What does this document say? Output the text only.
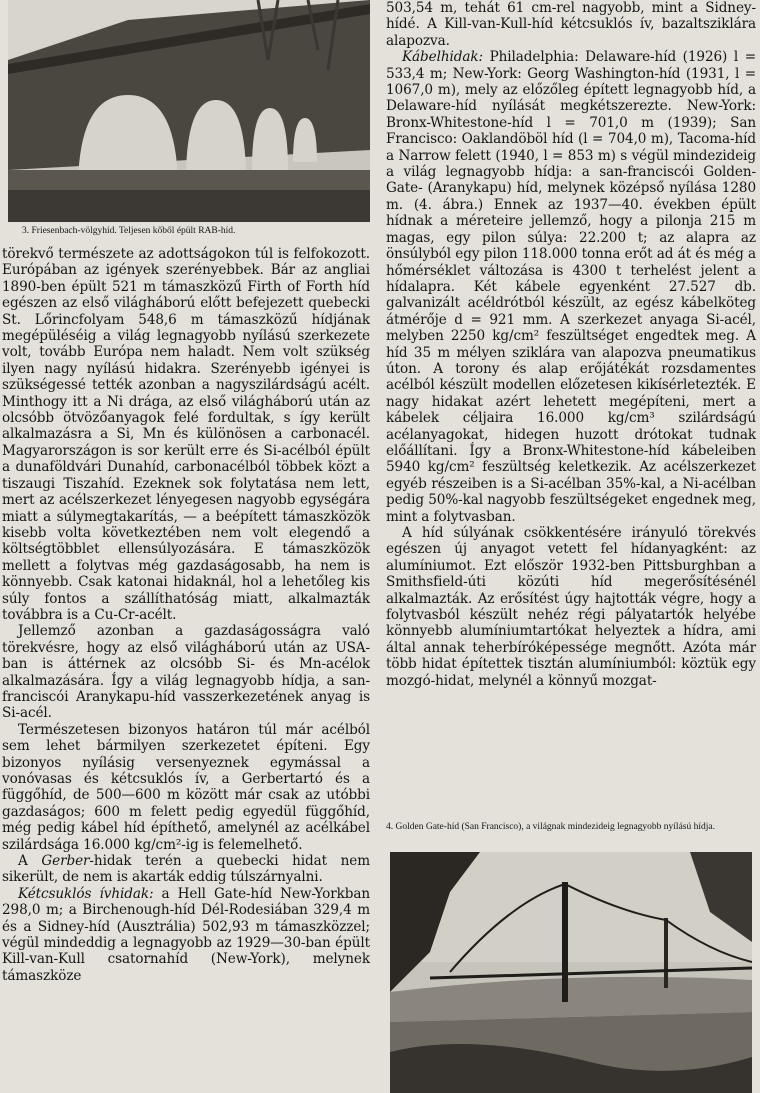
3. Friesenbach-völgyhíd. Teljesen kőből épült RAB-híd.

törekvő természete az adottságokon túl is felfokozott. Európában az igények szerényebbek. Bár az angliai 1890-ben épült 521 m támaszközű Firth of Forth híd egészen az első világháború előtt befejezett quebecki St. Lőrincfolyam 548,6 m támaszközű hídjának megépüléséig a világ legnagyobb nyílású szerkezete volt, tovább Európa nem haladt. Nem volt szükség ilyen nagy nyílású hidakra. Szerényebb igényei is szükségessé tették azonban a nagyszilárdságú acélt. Minthogy itt a Ni drága, az első világháború után az olcsóbb ötvözőanyagok felé fordultak, s így került alkalmazásra a Si, Mn és különösen a carbonacél. Magyarországon is sor került erre és Si-acélból épült a dunaföldvári Dunahíd, carbonacélból többek közt a tiszaugi Tiszahíd. Ezeknek sok folytatása nem lett, mert az acélszerkezet lényegesen nagyobb egységára miatt a súlymegtakarítás, — a beépített támaszközök kisebb volta következtében nem volt elegendő a költségtöbblet ellensúlyozására. E támaszközök mellett a folytvas még gazdaságosabb, ha nem is könnyebb. Csak katonai hidaknál, hol a lehetőleg kis súly fontos a szállíthatóság miatt, alkalmazták továbbra is a Cu-Cr-acélt.

Jellemző azonban a gazdaságosságra való törekvésre, hogy az első világháború után az USA-ban is áttérnek az olcsóbb Si- és Mn-acélok alkalmazására. Így a világ legnagyobb hídja, a san-franciscói Aranykapu-híd vasszerkezetének anyag is Si-acél.

Természetesen bizonyos határon túl már acélból sem lehet bármilyen szerkezetet építeni. Egy bizonyos nyílásig versenyeznek egymással a vonóvasas és kétcsuklós ív, a Gerbertartó és a függőhíd, de 500—600 m között már csak az utóbbi gazdaságos; 600 m felett pedig egyedül függőhíd, még pedig kábel híd építhető, amelynél az acélkábel szilárdsága 16.000 kg/cm²-ig is felemelhető.

A Gerber-hidak terén a quebecki hidat nem sikerült, de nem is akarták eddig túlszárnyalni.

Kétcsuklós ívhidak: a Hell Gate-híd New-Yorkban 298,0 m; a Birchenough-híd Dél-Rodesiában 329,4 m és a Sidney-híd (Ausztrália) 502,93 m támaszközzel; végül mindeddig a legnagyobb az 1929—30-ban épült Kill-van-Kull csatornahíd (New-York), melynek támaszköze

503,54 m, tehát 61 cm-rel nagyobb, mint a Sidney-hídé. A Kill-van-Kull-híd kétcsuklós ív, bazaltsziklára alapozva.

Kábelhidak: Philadelphia: Delaware-híd (1926) l = 533,4 m; New-York: Georg Washington-híd (1931, l = 1067,0 m), mely az előzőleg épített legnagyobb híd, a Delaware-híd nyílását megkétszerezte. New-York: Bronx-Whitestone-híd l = 701,0 m (1939); San Francisco: Oaklandöböl híd (l = 704,0 m), Tacoma-híd a Narrow felett (1940, l = 853 m) s végül mindezideig a világ legnagyobb hídja: a san-franciscói Golden-Gate- (Aranykapu) híd, melynek középső nyílása 1280 m. (4. ábra.) Ennek az 1937—40. években épült hídnak a méreteire jellemző, hogy a pilonja 215 m magas, egy pilon súlya: 22.200 t; az alapra az önsúlyból egy pilon 118.000 tonna erőt ad át és még a hőmérséklet változása is 4300 t terhelést jelent a hídalapra. Két kábele egyenként 27.527 db. galvanizált acéldrótból készült, az egész kábelköteg átmérője d = 921 mm. A szerkezet anyaga Si-acél, melyben 2250 kg/cm² feszültséget engedtek meg. A híd 35 m mélyen sziklára van alapozva pneumatikus úton. A torony és alap erőjátékát rozsdamentes acélból készült modellen előzetesen kikísérletezték. E nagy hidakat azért lehetett megépíteni, mert a kábelek céljaira 16.000 kg/cm³ szilárdságú acélanyagokat, hidegen huzott drótokat tudnak előállítani. Így a Bronx-Whitestone-híd kábeleiben 5940 kg/cm² feszültség keletkezik. Az acélszerkezet egyéb részeiben is a Si-acélban 35%-kal, a Ni-acélban pedig 50%-kal nagyobb feszültségeket engednek meg, mint a folytvasban.

A híd súlyának csökkentésére irányuló törekvés egészen új anyagot vetett fel hídanyagként: az alumíniumot. Ezt először 1932-ben Pittsburghban a Smithsfield-úti közúti híd megerősítésénél alkalmazták. Az erősítést úgy hajtották végre, hogy a folytvasból készült nehéz régi pályatartók helyébe könnyebb alumíniumtartókat helyeztek a hídra, ami által annak teherbíróképessége megnőtt. Azóta már több hidat építettek tisztán alumíniumból: köztük egy mozgó-hidat, melynél a könnyű mozgat-

4. Golden Gate-híd (San Francisco), a világnak mindezideig legnagyobb nyílású hídja.
